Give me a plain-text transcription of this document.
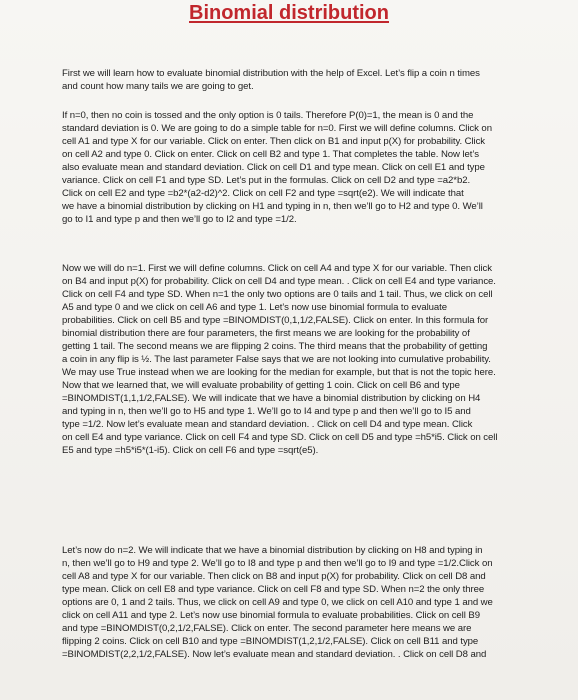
Binomial distribution
First we will learn how to evaluate binomial distribution with the help of Excel. Let’s flip a coin n times
and count how many tails we are going to get.
If n=0, then no coin is tossed and the only option is 0 tails. Therefore P(0)=1, the mean is 0 and the
standard deviation is 0. We are going to do a simple table for n=0. First we will define columns. Click on
cell A1 and type X for our variable. Click on enter. Then click on B1 and input p(X) for probability. Click
on cell A2 and type 0. Click on enter. Click on cell B2 and type 1. That completes the table. Now let’s
also evaluate mean and standard deviation. Click on cell D1 and type mean. Click on cell E1 and type
variance. Click on cell F1 and type SD. Let’s put in the formulas. Click on cell D2 and type =a2*b2.
Click on cell E2 and type =b2*(a2-d2)^2. Click on cell F2 and type =sqrt(e2). We will indicate that
we have a binomial distribution by clicking on H1 and typing in n, then we’ll go to H2 and type 0. We’ll
go to I1 and type p and then we’ll go to I2 and type =1/2.
Now we will do n=1. First we will define columns. Click on cell A4 and type X for our variable. Then click
on B4 and input p(X) for probability. Click on cell D4 and type mean. . Click on cell E4 and type variance.
Click on cell F4 and type SD. When n=1 the only two options are 0 tails and 1 tail. Thus, we click on cell
A5 and type 0 and we click on cell A6 and type 1. Let’s now use binomial formula to evaluate
probabilities. Click on cell B5 and type =BINOMDIST(0,1,1/2,FALSE). Click on enter. In this formula for
binomial distribution there are four parameters, the first means we are looking for the probability of
getting 1 tail. The second means we are flipping 2 coins. The third means that the probability of getting
a coin in any flip is ½. The last parameter False says that we are not looking into cumulative probability.
We may use True instead when we are looking for the median for example, but that is not the topic here.
Now that we learned that, we will evaluate probability of getting 1 coin. Click on cell B6 and type
=BINOMDIST(1,1,1/2,FALSE). We will indicate that we have a binomial distribution by clicking on H4
and typing in n, then we’ll go to H5 and type 1. We’ll go to I4 and type p and then we’ll go to I5 and
type =1/2. Now let’s evaluate mean and standard deviation. . Click on cell D4 and type mean. Click
on cell E4 and type variance. Click on cell F4 and type SD. Click on cell D5 and type =h5*i5. Click on cell
E5 and type =h5*i5*(1-i5). Click on cell F6 and type =sqrt(e5).
Let’s now do n=2. We will indicate that we have a binomial distribution by clicking on H8 and typing in
n, then we’ll go to H9 and type 2. We’ll go to I8 and type p and then we’ll go to I9 and type =1/2.Click on
cell A8 and type X for our variable. Then click on B8 and input p(X) for probability. Click on cell D8 and
type mean. Click on cell E8 and type variance. Click on cell F8 and type SD. When n=2 the only three
options are 0, 1 and 2 tails. Thus, we click on cell A9 and type 0, we click on cell A10 and type 1 and we
click on cell A11 and type 2. Let’s now use binomial formula to evaluate probabilities. Click on cell B9
and type =BINOMDIST(0,2,1/2,FALSE). Click on enter. The second parameter here means we are
flipping 2 coins. Click on cell B10 and type =BINOMDIST(1,2,1/2,FALSE). Click on cell B11 and type
=BINOMDIST(2,2,1/2,FALSE). Now let’s evaluate mean and standard deviation. . Click on cell D8 and
